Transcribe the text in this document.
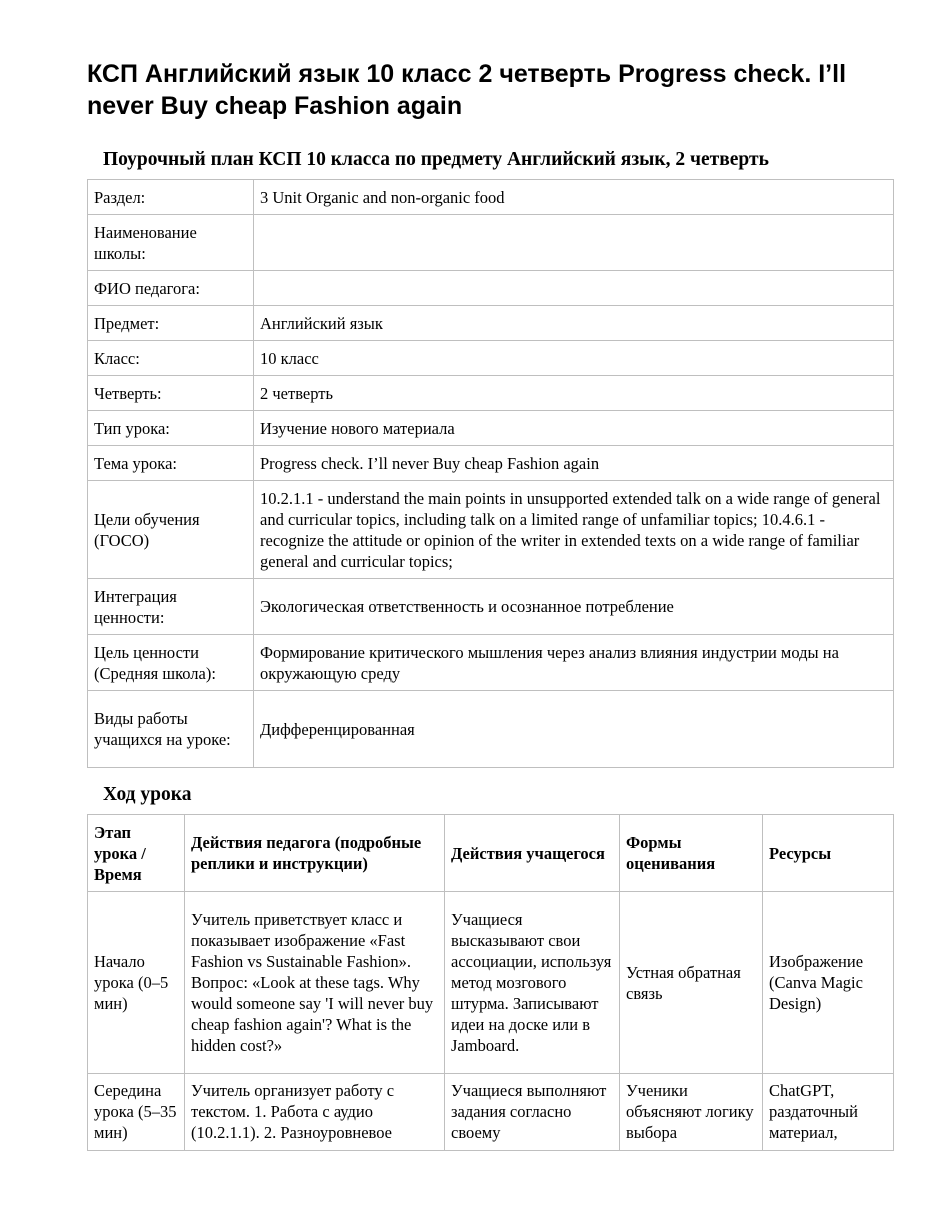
КСП Английский язык 10 класс 2 четверть Progress check. I’ll never Buy cheap Fashion again
Поурочный план КСП 10 класса по предмету Английский язык, 2 четверть
Раздел:	3 Unit Organic and non-organic food
Наименование школы:	
ФИО педагога:	
Предмет:	Английский язык
Класс:	10 класс
Четверть:	2 четверть
Тип урока:	Изучение нового материала
Тема урока:	Progress check. I’ll never Buy cheap Fashion again
Цели обучения (ГОСО)	10.2.1.1 - understand the main points in unsupported extended talk on a wide range of general and curricular topics, including talk on a limited range of unfamiliar topics; 10.4.6.1 - recognize the attitude or opinion of the writer in extended texts on a wide range of familiar general and curricular topics;
Интеграция ценности:	Экологическая ответственность и осознанное потребление
Цель ценности (Средняя школа):	Формирование критического мышления через анализ влияния индустрии моды на окружающую среду
Виды работы учащихся на уроке:	Дифференцированная
Ход урока
Этап урока / Время	Действия педагога (подробные реплики и инструкции)	Действия учащегося	Формы оценивания	Ресурсы
Начало урока (0–5 мин)	Учитель приветствует класс и показывает изображение «Fast Fashion vs Sustainable Fashion». Вопрос: «Look at these tags. Why would someone say 'I will never buy cheap fashion again'? What is the hidden cost?»	Учащиеся высказывают свои ассоциации, используя метод мозгового штурма. Записывают идеи на доске или в Jamboard.	Устная обратная связь	Изображение (Canva Magic Design)
Середина урока (5–35 мин)	Учитель организует работу с текстом. 1. Работа с аудио (10.2.1.1). 2. Разноуровневое	Учащиеся выполняют задания согласно своему	Ученики объясняют логику выбора	ChatGPT, раздаточный материал,
